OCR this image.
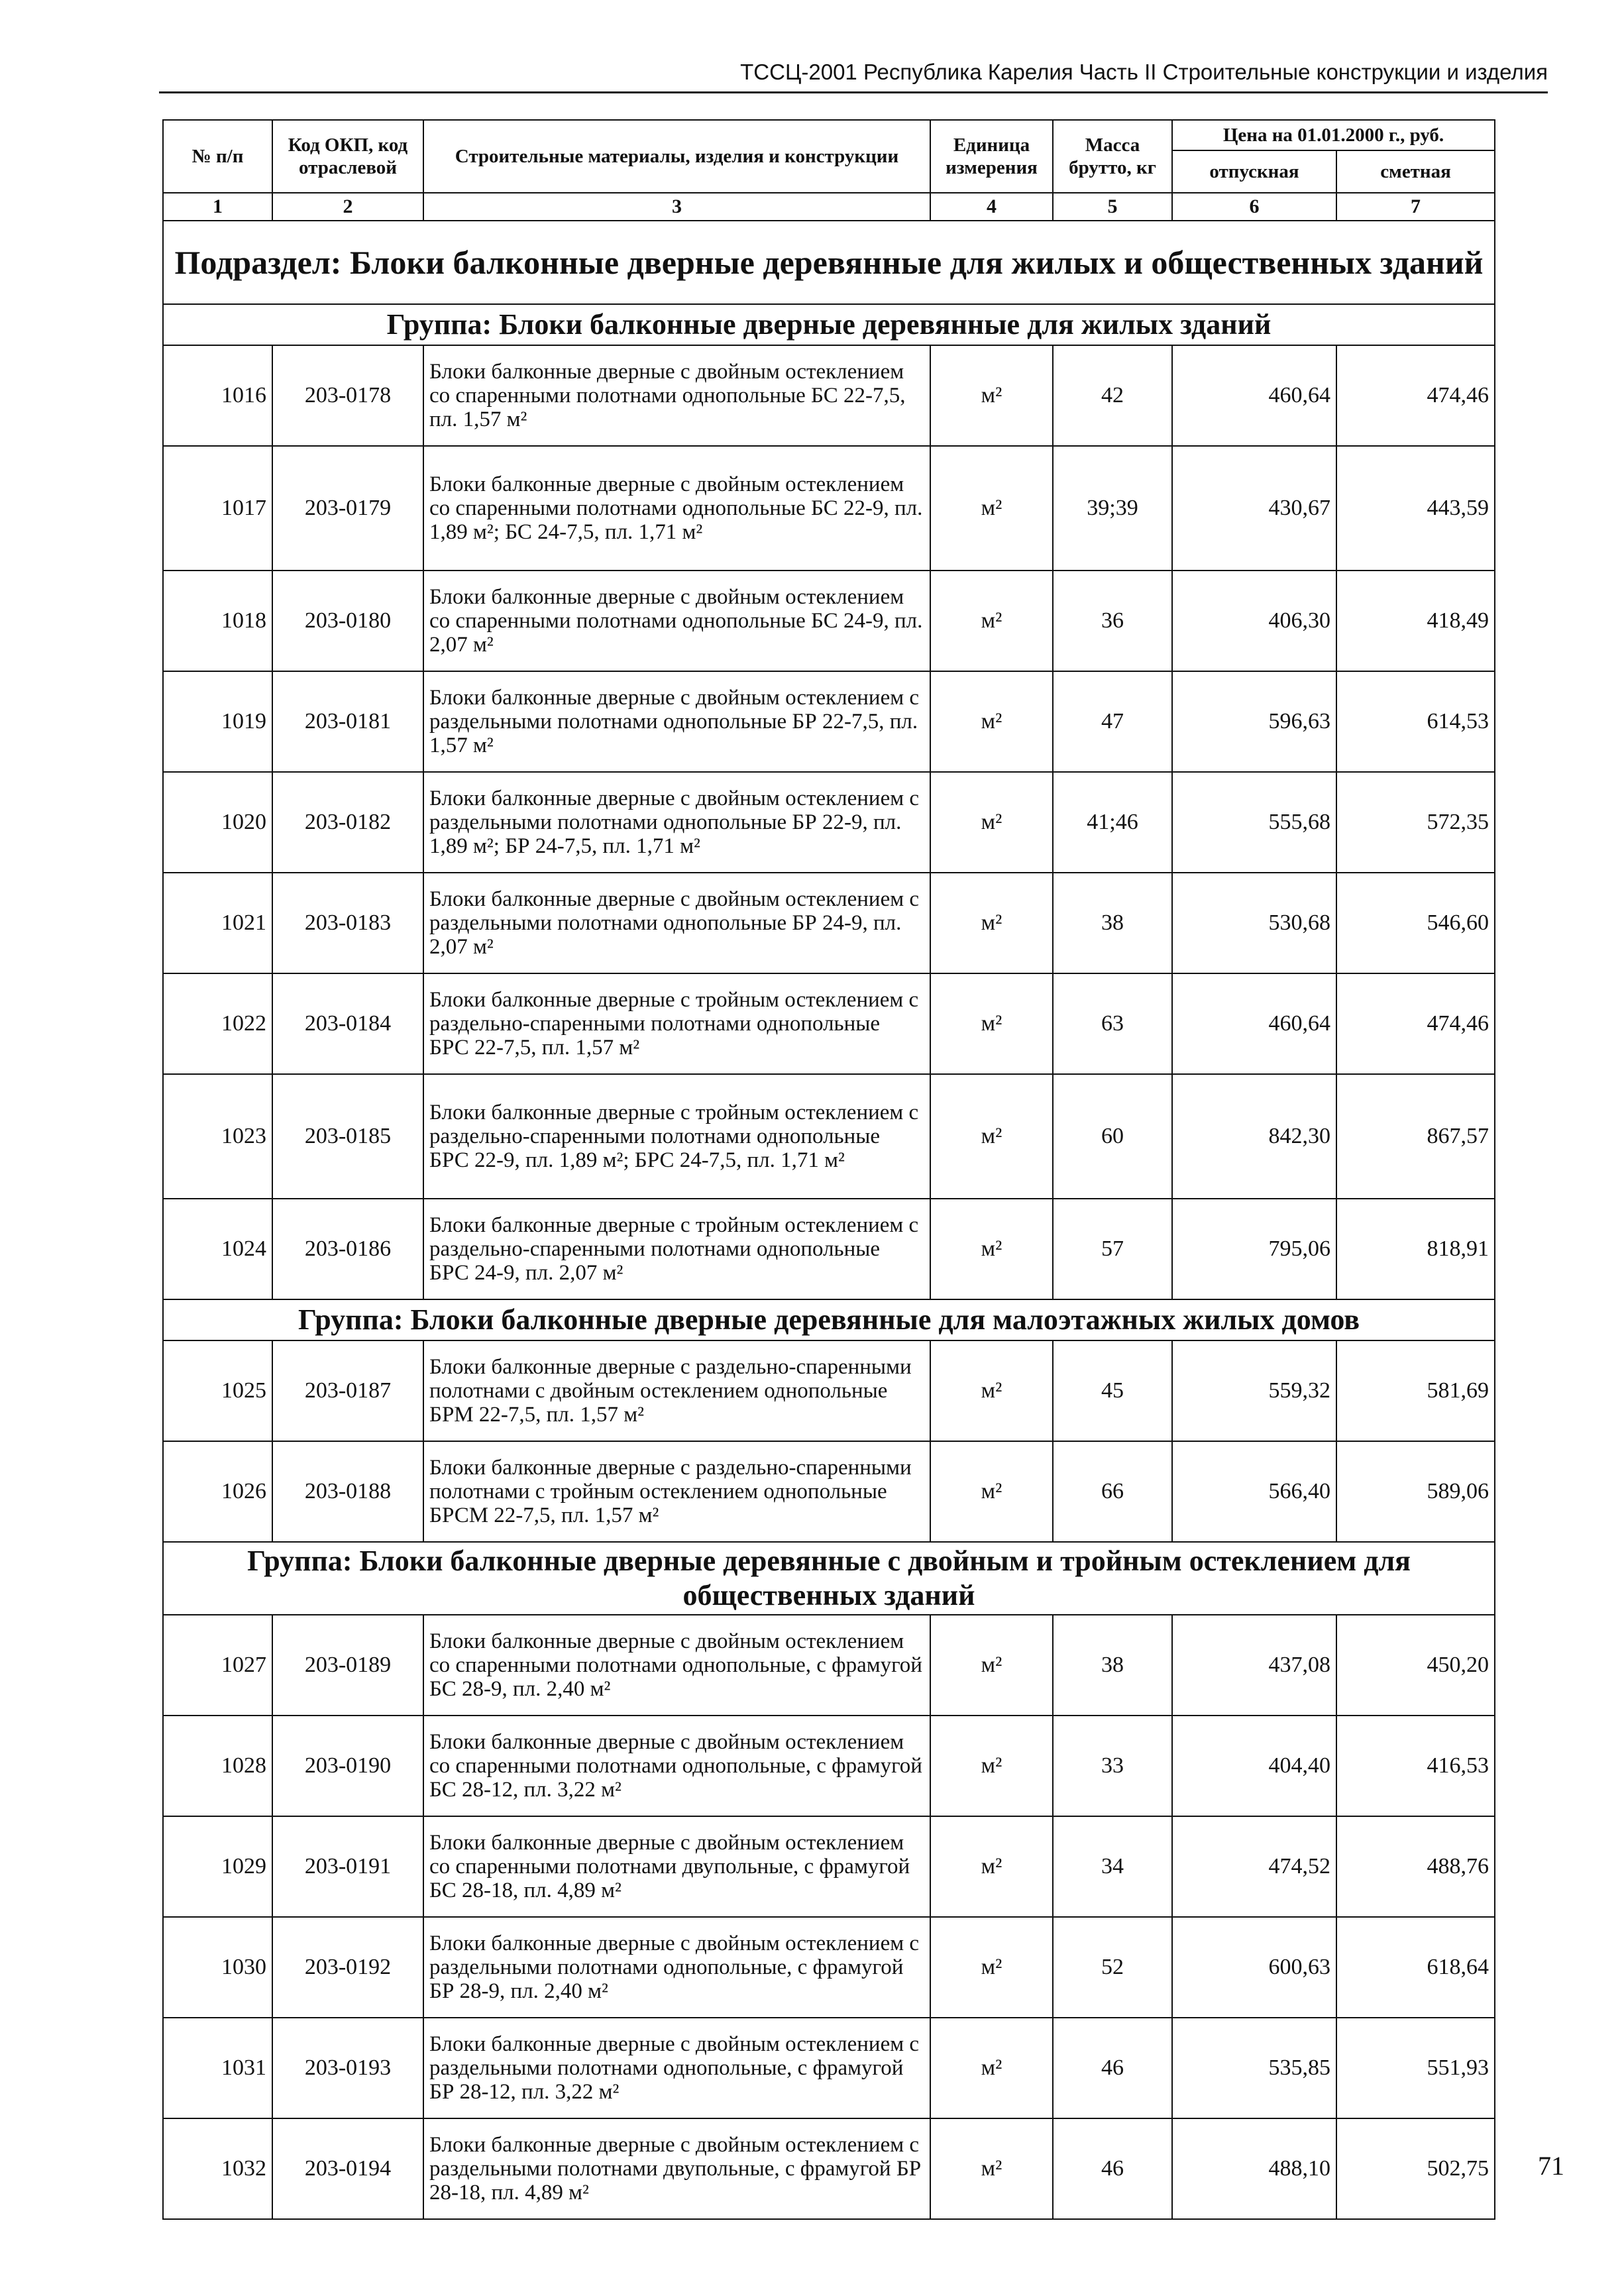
ТССЦ-2001 Республика Карелия Часть II Строительные конструкции и изделия
№ п/п	Код ОКП, код отраслевой	Строительные материалы, изделия и конструкции	Единица измерения	Масса брутто, кг	Цена на 01.01.2000 г., руб.	
					отпускная	сметная
1	2	3	4	5	6	7
Подраздел: Блоки балконные дверные деревянные для жилых и общественных зданий						
Группа: Блоки балконные дверные деревянные для жилых зданий						
1016	203-0178	Блоки балконные дверные с двойным остеклением со спаренными полотнами однопольные БС 22-7,5, пл. 1,57 м²	м²	42	460,64	474,46
1017	203-0179	Блоки балконные дверные с двойным остеклением со спаренными полотнами однопольные БС 22-9, пл. 1,89 м²; БС 24-7,5, пл. 1,71 м²	м²	39;39	430,67	443,59
1018	203-0180	Блоки балконные дверные с двойным остеклением со спаренными полотнами однопольные БС 24-9, пл. 2,07 м²	м²	36	406,30	418,49
1019	203-0181	Блоки балконные дверные с двойным остеклением с раздельными полотнами однопольные БР 22-7,5, пл. 1,57 м²	м²	47	596,63	614,53
1020	203-0182	Блоки балконные дверные с двойным остеклением с раздельными полотнами однопольные БР 22-9, пл. 1,89 м²; БР 24-7,5, пл. 1,71 м²	м²	41;46	555,68	572,35
1021	203-0183	Блоки балконные дверные с двойным остеклением с раздельными полотнами однопольные БР 24-9, пл. 2,07 м²	м²	38	530,68	546,60
1022	203-0184	Блоки балконные дверные с тройным остеклением с раздельно-спаренными полотнами однопольные БРС 22-7,5, пл. 1,57 м²	м²	63	460,64	474,46
1023	203-0185	Блоки балконные дверные с тройным остеклением с раздельно-спаренными полотнами однопольные БРС 22-9, пл. 1,89 м²; БРС 24-7,5, пл. 1,71 м²	м²	60	842,30	867,57
1024	203-0186	Блоки балконные дверные с тройным остеклением с раздельно-спаренными полотнами однопольные БРС 24-9, пл. 2,07 м²	м²	57	795,06	818,91
Группа: Блоки балконные дверные деревянные для малоэтажных жилых домов						
1025	203-0187	Блоки балконные дверные с раздельно-спаренными полотнами с двойным остеклением однопольные БРМ 22-7,5, пл. 1,57 м²	м²	45	559,32	581,69
1026	203-0188	Блоки балконные дверные с раздельно-спаренными полотнами с тройным остеклением однопольные БРСМ 22-7,5, пл. 1,57 м²	м²	66	566,40	589,06
Группа: Блоки балконные дверные деревянные с двойным и тройным остеклением для общественных зданий						
1027	203-0189	Блоки балконные дверные с двойным остеклением со спаренными полотнами однопольные, с фрамугой БС 28-9, пл. 2,40 м²	м²	38	437,08	450,20
1028	203-0190	Блоки балконные дверные с двойным остеклением со спаренными полотнами однопольные, с фрамугой БС 28-12, пл. 3,22 м²	м²	33	404,40	416,53
1029	203-0191	Блоки балконные дверные с двойным остеклением со спаренными полотнами двупольные, с фрамугой БС 28-18, пл. 4,89 м²	м²	34	474,52	488,76
1030	203-0192	Блоки балконные дверные с двойным остеклением с раздельными полотнами однопольные, с фрамугой БР 28-9, пл. 2,40 м²	м²	52	600,63	618,64
1031	203-0193	Блоки балконные дверные с двойным остеклением с раздельными полотнами однопольные, с фрамугой БР 28-12, пл. 3,22 м²	м²	46	535,85	551,93
1032	203-0194	Блоки балконные дверные с двойным остеклением с раздельными полотнами двупольные, с фрамугой БР 28-18, пл. 4,89 м²	м²	46	488,10	502,75 71
